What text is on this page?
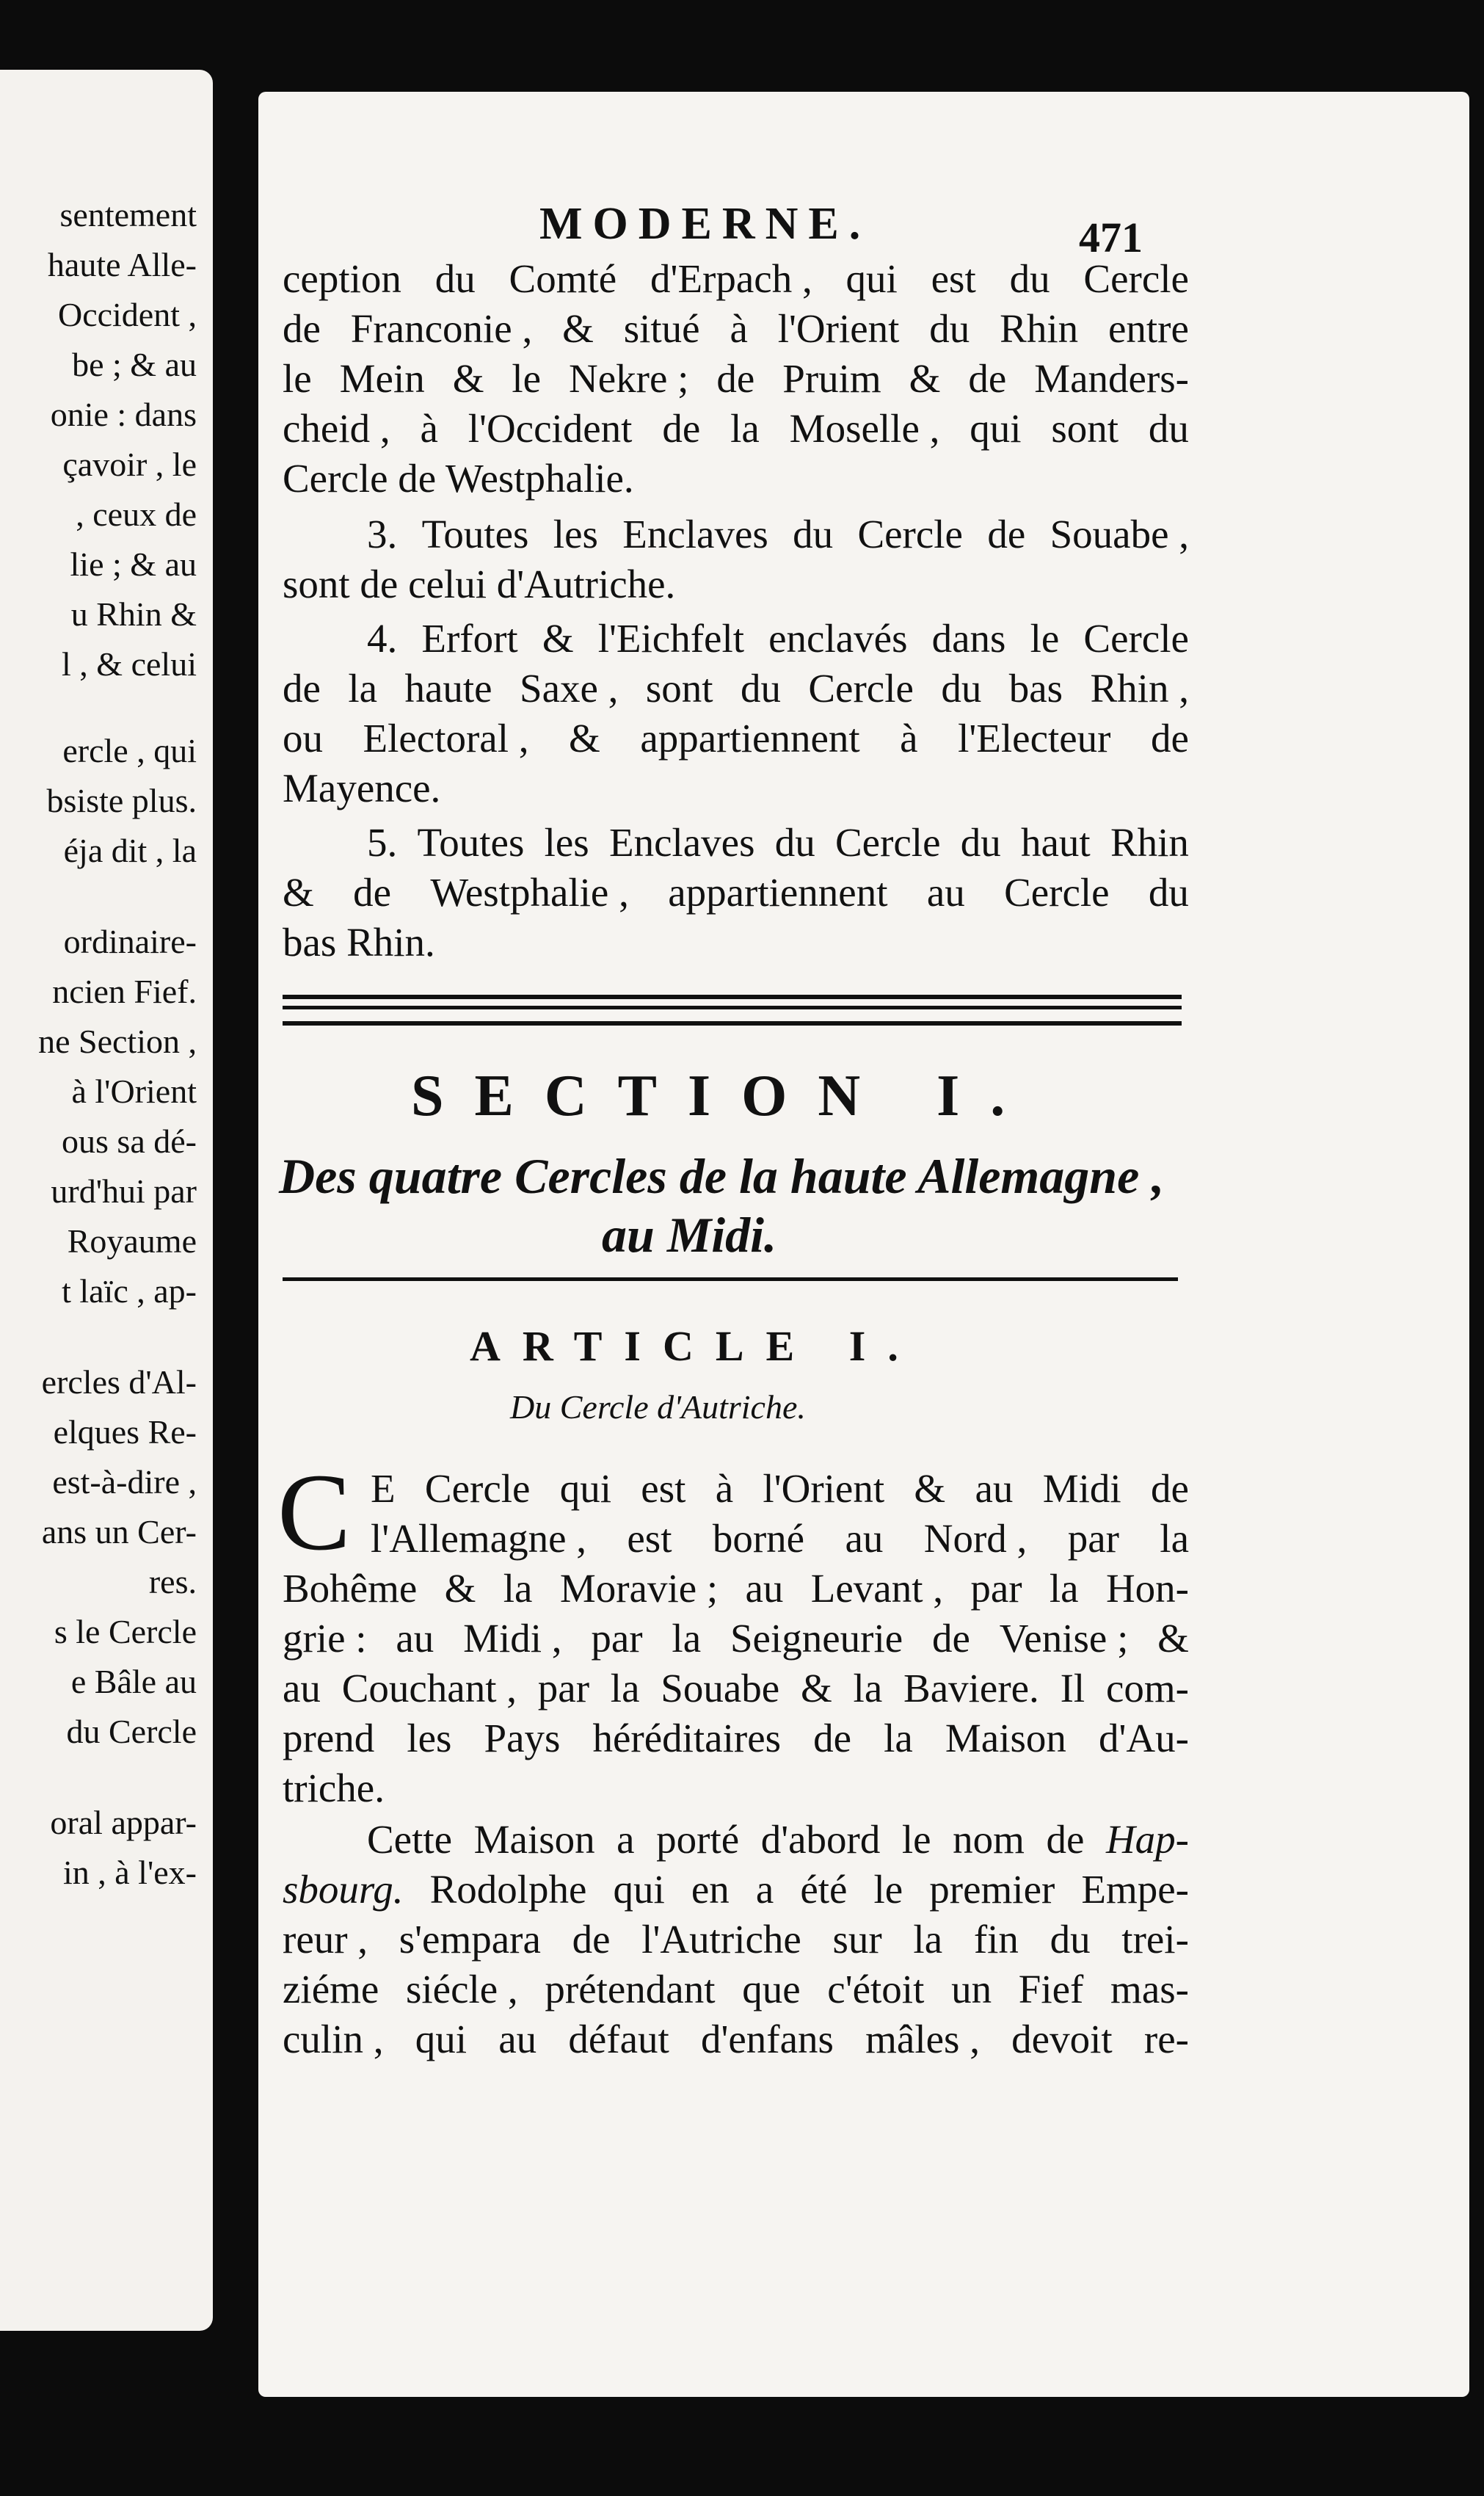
sentement
haute Alle-
Occident ,
be ; & au
onie : dans
çavoir , le
, ceux de
lie ; & au
u Rhin &
l , & celui
ercle , qui
bsiste plus.
éja dit , la
ordinaire-
ncien Fief.
ne Section ,
à l'Orient
ous sa dé-
urd'hui par
Royaume
t laïc , ap-
ercles d'Al-
elques Re-
est-à-dire ,
ans un Cer-
res.
s le Cercle
e Bâle au
du Cercle
oral appar-
in , à l'ex-
MODERNE.	471
ception du Comté d'Erpach , qui est du Cercle
de Franconie , & situé à l'Orient du Rhin entre
le Mein & le Nekre ; de Pruim & de Manders-
cheid , à l'Occident de la Moselle , qui sont du
Cercle de Westphalie.
3. Toutes les Enclaves du Cercle de Souabe ,
sont de celui d'Autriche.
4. Erfort & l'Eichfelt enclavés dans le Cercle
de la haute Saxe , sont du Cercle du bas Rhin ,
ou Electoral , & appartiennent à l'Electeur de
Mayence.
5. Toutes les Enclaves du Cercle du haut Rhin
& de Westphalie , appartiennent au Cercle du
bas Rhin.
SECTION I.
Des quatre Cercles de la haute Allemagne ,
au Midi.
ARTICLE I.
Du Cercle d'Autriche.
C E Cercle qui est à l'Orient & au Midi de
l'Allemagne , est borné au Nord , par la
Bohême & la Moravie ; au Levant , par la Hon-
grie : au Midi , par la Seigneurie de Venise ; &
au Couchant , par la Souabe & la Baviere. Il com-
prend les Pays héréditaires de la Maison d'Au-
triche.
Cette Maison a porté d'abord le nom de Hap-
sbourg. Rodolphe qui en a été le premier Empe-
reur , s'empara de l'Autriche sur la fin du trei-
ziéme siécle , prétendant que c'étoit un Fief mas-
culin , qui au défaut d'enfans mâles , devoit re-
